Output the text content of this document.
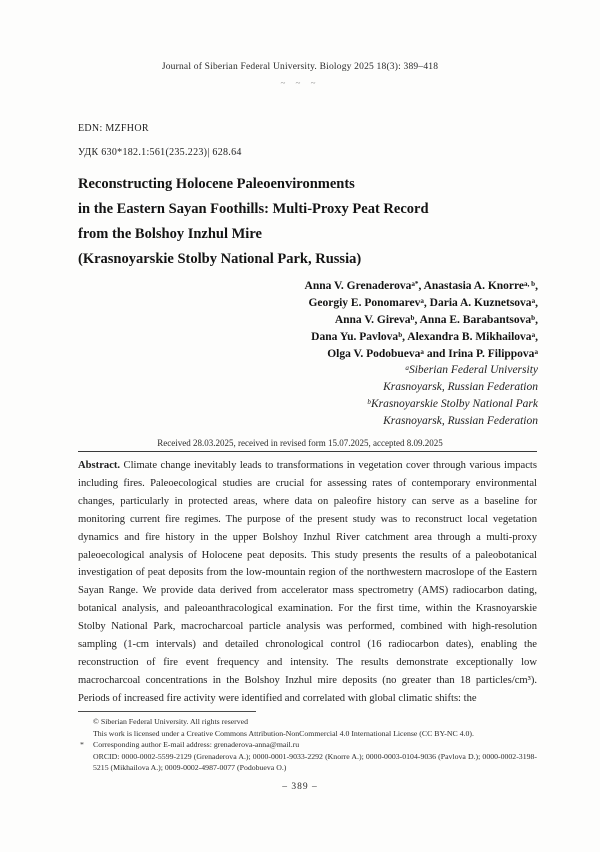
Journal of Siberian Federal University. Biology 2025 18(3): 389–418
~ ~ ~
EDN: MZFHOR
УДК 630*182.1:561(235.223)| 628.64
Reconstructing Holocene Paleoenvironments
in the Eastern Sayan Foothills: Multi-Proxy Peat Record
from the Bolshoy Inzhul Mire
(Krasnoyarskie Stolby National Park, Russia)
Anna V. Grenaderova$^{a*}$, Anastasia A. Knorre$^{a, b}$,
Georgiy E. Ponomarev$^a$, Daria A. Kuznetsova$^a$,
Anna V. Gireva$^b$, Anna E. Barabantsova$^b$,
Dana Yu. Pavlova$^b$, Alexandra B. Mikhailova$^a$,
Olga V. Podobueva$^a$ and Irina P. Filippova$^a$
$^a$Siberian Federal University
Krasnoyarsk, Russian Federation
$^b$Krasnoyarskie Stolby National Park
Krasnoyarsk, Russian Federation
Received 28.03.2025, received in revised form 15.07.2025, accepted 8.09.2025
Abstract. Climate change inevitably leads to transformations in vegetation cover through various impacts including fires. Paleoecological studies are crucial for assessing rates of contemporary environmental changes, particularly in protected areas, where data on paleofire history can serve as a baseline for monitoring current fire regimes. The purpose of the present study was to reconstruct local vegetation dynamics and fire history in the upper Bolshoy Inzhul River catchment area through a multi-proxy paleoecological analysis of Holocene peat deposits. This study presents the results of a paleobotanical investigation of peat deposits from the low-mountain region of the northwestern macroslope of the Eastern Sayan Range. We provide data derived from accelerator mass spectrometry (AMS) radiocarbon dating, botanical analysis, and paleoanthracological examination. For the first time, within the Krasnoyarskie Stolby National Park, macrocharcoal particle analysis was performed, combined with high-resolution sampling (1-cm intervals) and detailed chronological control (16 radiocarbon dates), enabling the reconstruction of fire event frequency and intensity. The results demonstrate exceptionally low macrocharcoal concentrations in the Bolshoy Inzhul mire deposits (no greater than 18 particles/cm³). Periods of increased fire activity were identified and correlated with global climatic shifts: the
© Siberian Federal University. All rights reserved
This work is licensed under a Creative Commons Attribution-NonCommercial 4.0 International License (CC BY-NC 4.0).
* Corresponding author E-mail address: grenaderova-anna@mail.ru
ORCID: 0000-0002-5599-2129 (Grenaderova A.); 0000-0001-9033-2292 (Knorre A.); 0000-0003-0104-9036 (Pavlova D.); 0000-0002-3198-5215 (Mikhailova A.); 0009-0002-4987-0077 (Podobueva O.)
– 389 –
